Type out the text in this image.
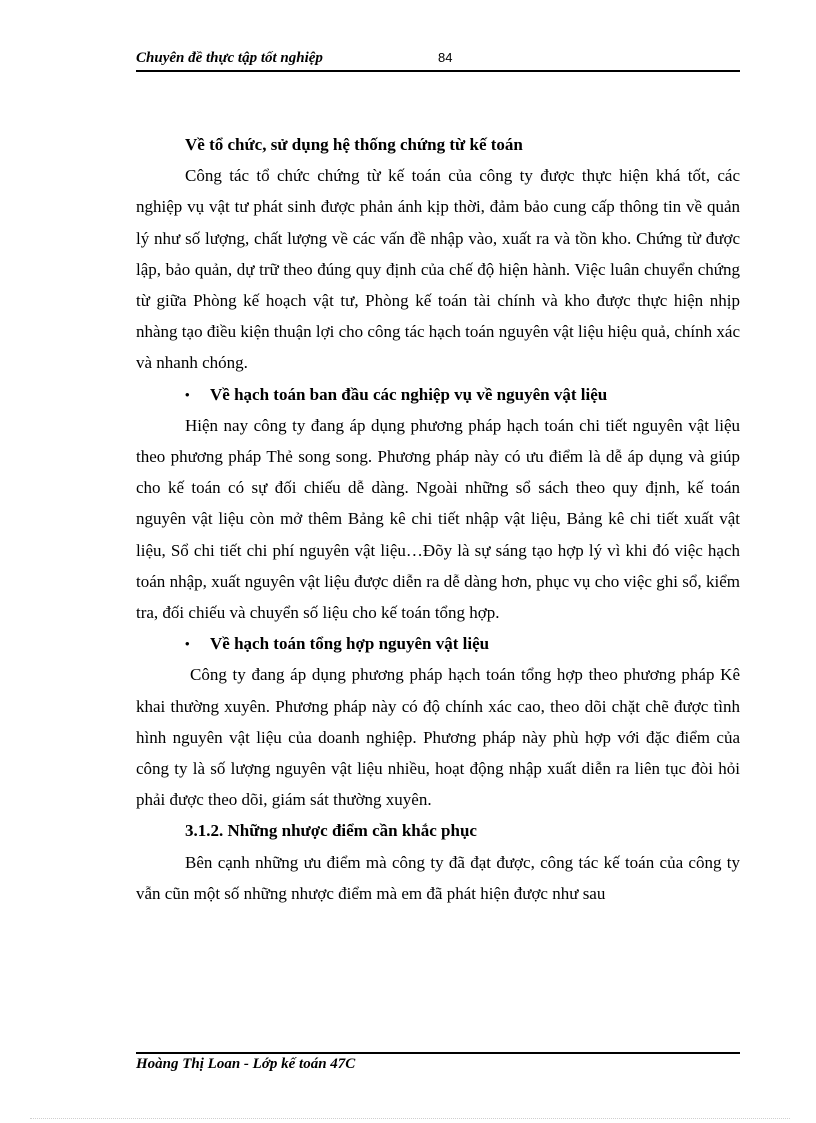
Chuyên đề thực tập tốt nghiệp	84
Về tổ chức, sử dụng hệ thống chứng từ kế toán

Công tác tổ chức chứng từ kế toán của công ty được thực hiện khá tốt, các nghiệp vụ vật tư phát sinh được phản ánh kịp thời, đảm bảo cung cấp thông tin về quản lý như số lượng, chất lượng về các vấn đề nhập vào, xuất ra và tồn kho. Chứng từ được lập, bảo quản, dự trữ theo đúng quy định của chế độ hiện hành. Việc luân chuyển chứng từ giữa Phòng kế hoạch vật tư, Phòng kế toán tài chính và kho được thực hiện nhịp nhàng tạo điều kiện thuận lợi cho công tác hạch toán nguyên vật liệu hiệu quả, chính xác và nhanh chóng.

• Về hạch toán ban đầu các nghiệp vụ về nguyên vật liệu

Hiện nay công ty đang áp dụng phương pháp hạch toán chi tiết nguyên vật liệu theo phương pháp Thẻ song song. Phương pháp này có ưu điểm là dễ áp dụng và giúp cho kế toán có sự đối chiếu dễ dàng. Ngoài những sổ sách theo quy định, kế toán nguyên vật liệu còn mở thêm Bảng kê chi tiết nhập vật liệu, Bảng kê chi tiết xuất vật liệu, Sổ chi tiết chi phí nguyên vật liệu…Đõy là sự sáng tạo hợp lý vì khi đó việc hạch toán nhập, xuất nguyên vật liệu được diễn ra dễ dàng hơn, phục vụ cho việc ghi sổ, kiểm tra, đối chiếu và chuyển số liệu cho kế toán tổng hợp.

• Về hạch toán tổng hợp nguyên vật liệu

Công ty đang áp dụng phương pháp hạch toán tổng hợp theo phương pháp Kê khai thường xuyên. Phương pháp này có độ chính xác cao, theo dõi chặt chẽ được tình hình nguyên vật liệu của doanh nghiệp. Phương pháp này phù hợp với đặc điểm của công ty là số lượng nguyên vật liệu nhiều, hoạt động nhập xuất diễn ra liên tục đòi hỏi phải được theo dõi, giám sát thường xuyên.

3.1.2. Những nhược điểm cần khắc phục

Bên cạnh những ưu điểm mà công ty đã đạt được, công tác kế toán của công ty vẫn cũn một số những nhược điểm mà em đã phát hiện được như sau

Hoàng Thị Loan - Lớp kế toán 47C
